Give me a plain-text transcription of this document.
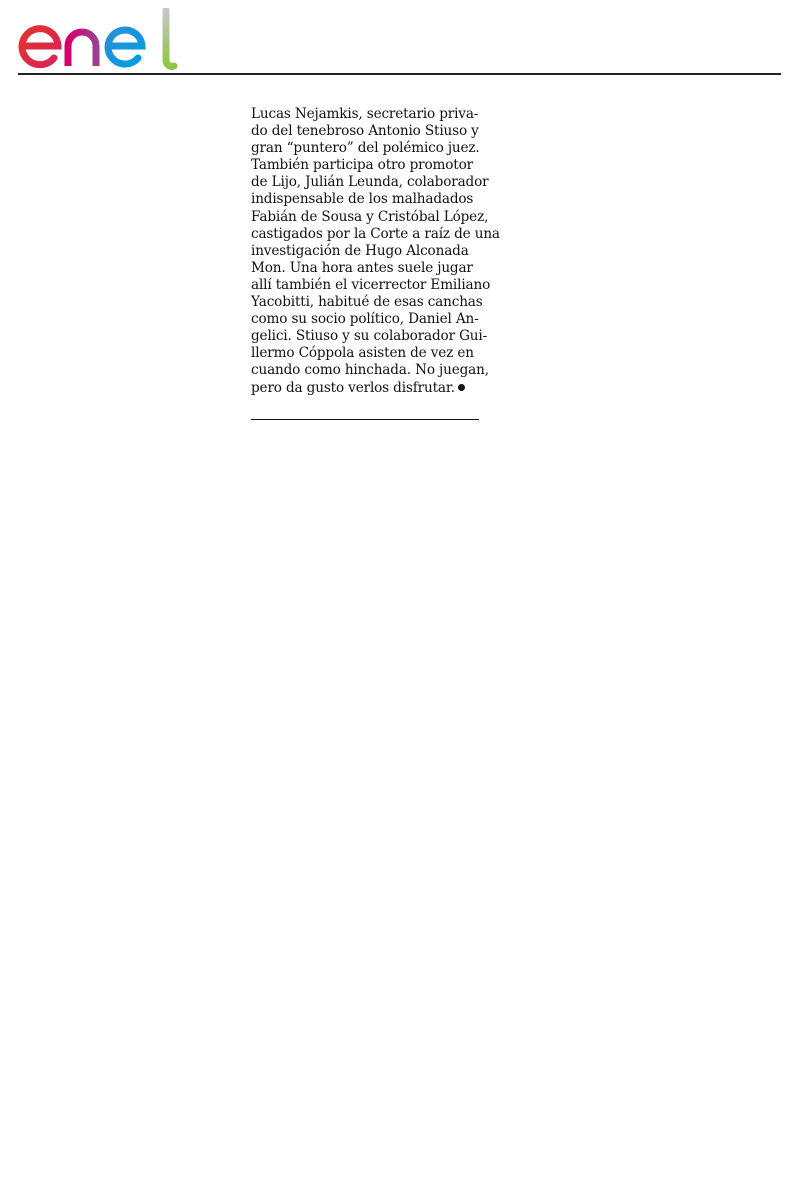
Lucas Nejamkis, secretario priva-
do del tenebroso Antonio Stiuso y
gran “puntero” del polémico juez.
También participa otro promotor
de Lijo, Julián Leunda, colaborador
indispensable de los malhadados
Fabián de Sousa y Cristóbal López,
castigados por la Corte a raíz de una
investigación de Hugo Alconada
Mon. Una hora antes suele jugar
allí también el vicerrector Emiliano
Yacobitti, habitué de esas canchas
como su socio político, Daniel An-
gelici. Stiuso y su colaborador Gui-
llermo Cóppola asisten de vez en
cuando como hinchada. No juegan,
pero da gusto verlos disfrutar.
